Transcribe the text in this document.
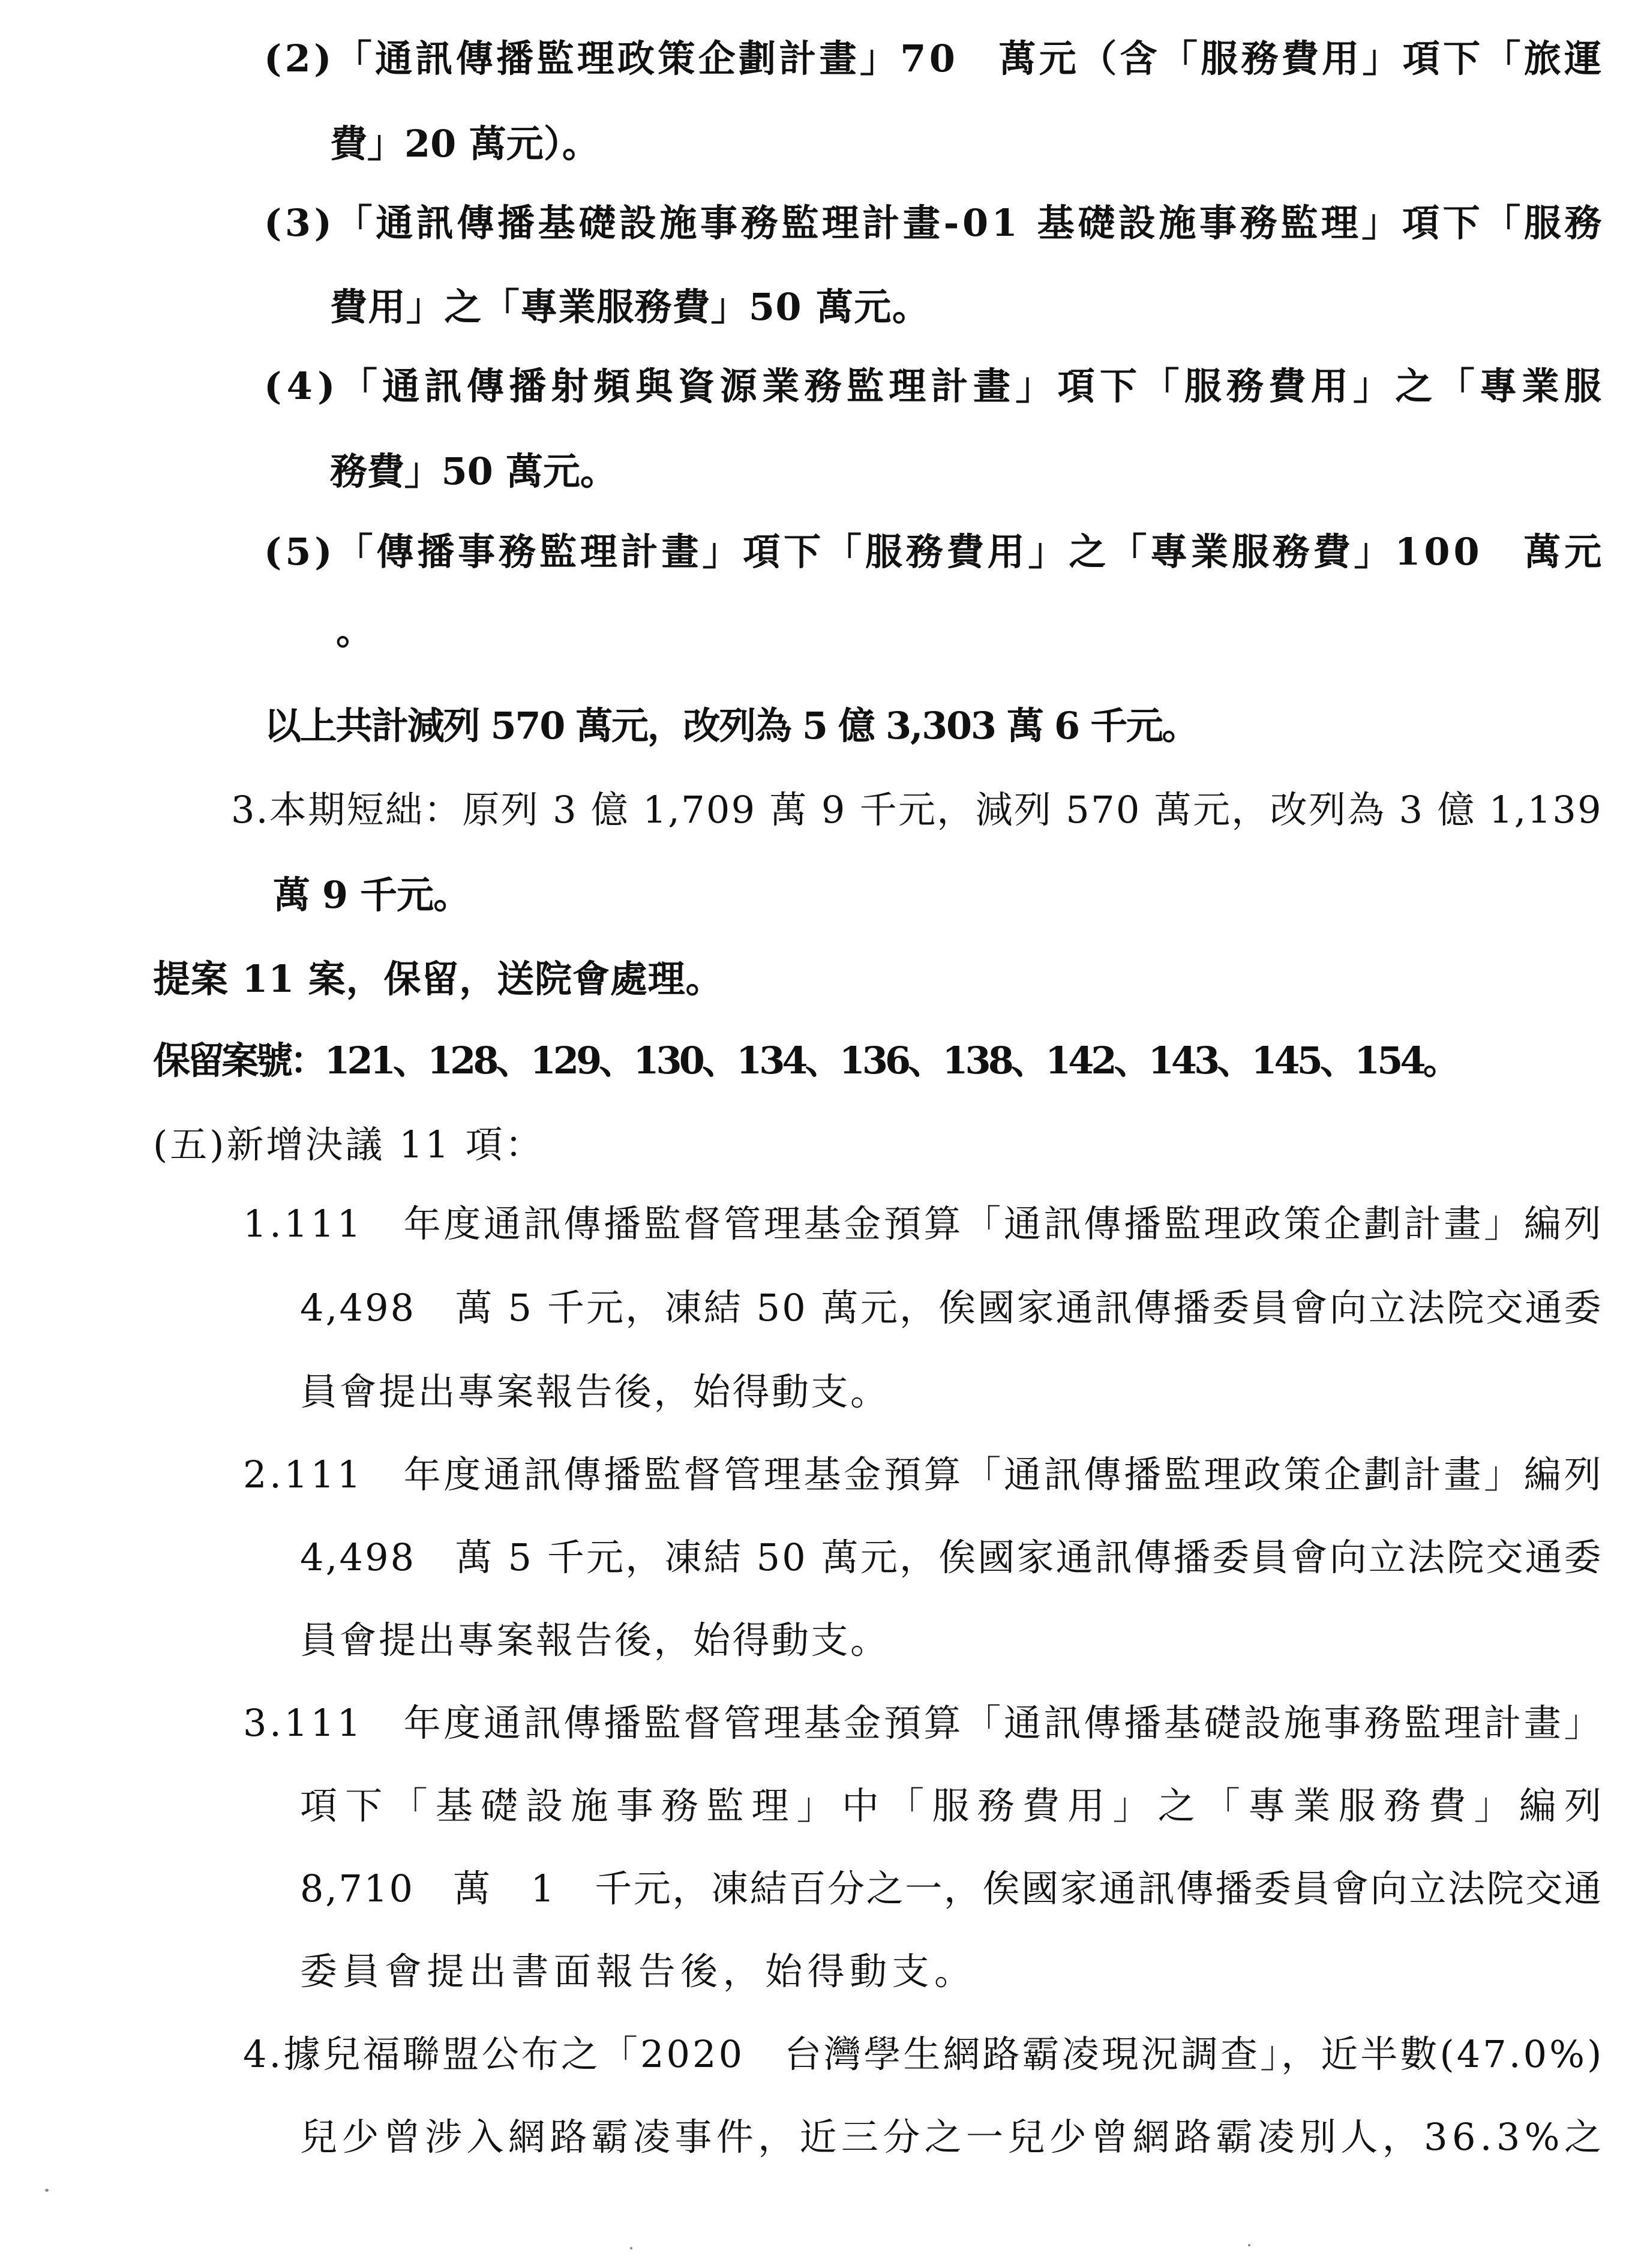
(2)「通訊傳播監理政策企劃計畫」70　萬元（含「服務費用」項下「旅運
費」20 萬元）。
(3)「通訊傳播基礎設施事務監理計畫-01 基礎設施事務監理」項下「服務
費用」之「專業服務費」50 萬元。
(4)「通訊傳播射頻與資源業務監理計畫」項下「服務費用」之「專業服
務費」50 萬元。
(5)「傳播事務監理計畫」項下「服務費用」之「專業服務費」100　萬元
。
以上共計減列 570 萬元，改列為 5 億 3,303 萬 6 千元。
3.本期短絀：原列 3 億 1,709 萬 9 千元，減列 570 萬元，改列為 3 億 1,139
萬 9 千元。
提案 11 案，保留，送院會處理。
保留案號：121、128、129、130、134、136、138、142、143、145、154。
(五)新增決議 11 項：
1.111　年度通訊傳播監督管理基金預算「通訊傳播監理政策企劃計畫」編列
4,498　萬 5 千元，凍結 50 萬元，俟國家通訊傳播委員會向立法院交通委
員會提出專案報告後，始得動支。
2.111　年度通訊傳播監督管理基金預算「通訊傳播監理政策企劃計畫」編列
4,498　萬 5 千元，凍結 50 萬元，俟國家通訊傳播委員會向立法院交通委
員會提出專案報告後，始得動支。
3.111　年度通訊傳播監督管理基金預算「通訊傳播基礎設施事務監理計畫」
項下「基礎設施事務監理」中「服務費用」之「專業服務費」編列
8,710　萬　1　千元，凍結百分之一，俟國家通訊傳播委員會向立法院交通
委員會提出書面報告後，始得動支。
4.據兒福聯盟公布之「2020　台灣學生網路霸凌現況調查」，近半數(47.0%)
兒少曾涉入網路霸凌事件，近三分之一兒少曾網路霸凌別人，36.3%之
